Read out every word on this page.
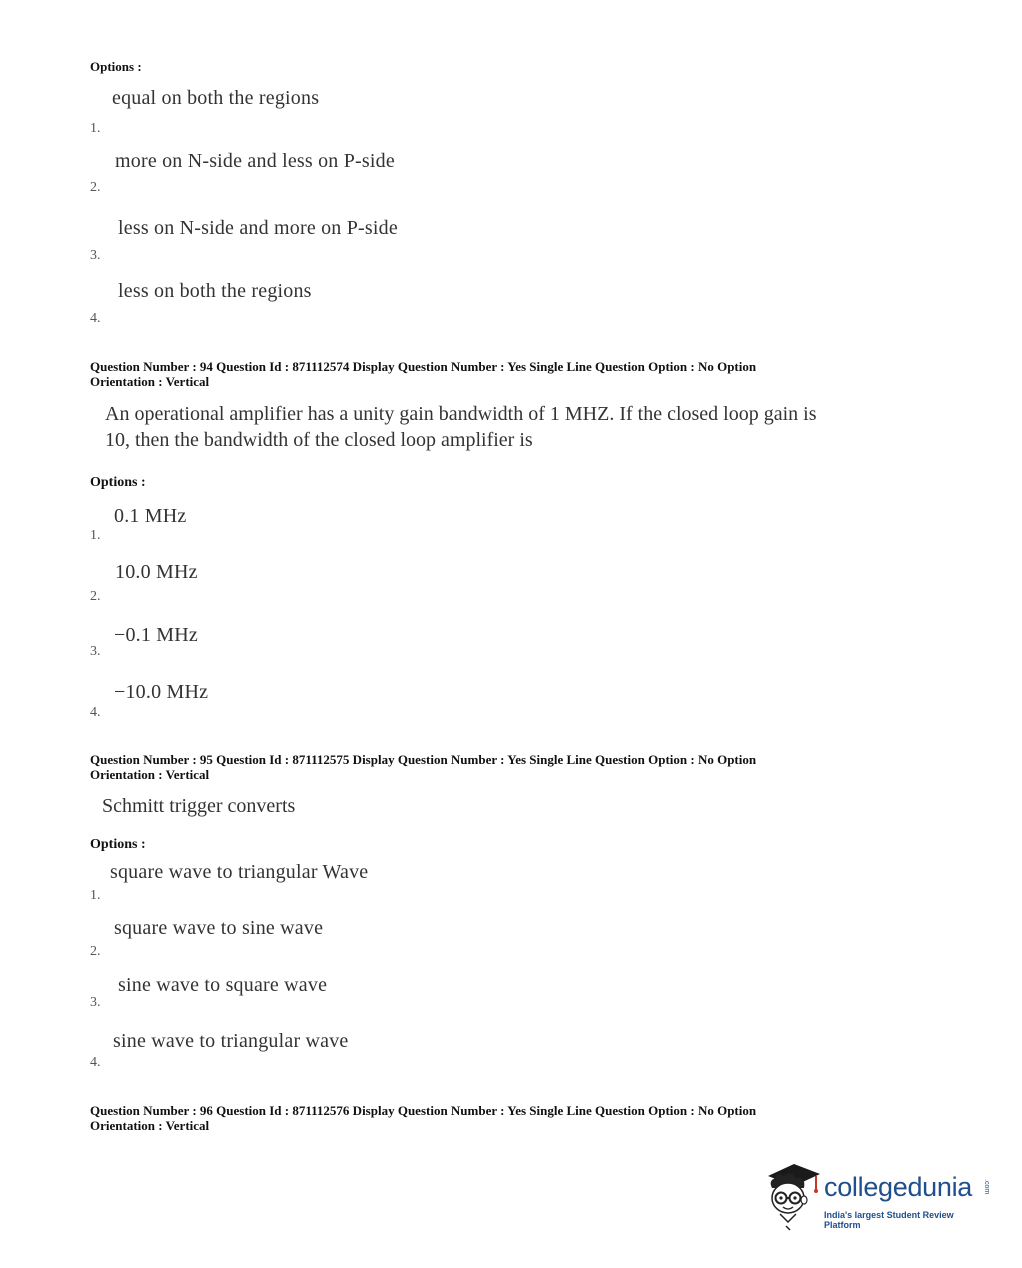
Options :
equal on both the regions
1.
more on N-side and less on P-side
2.
less on N-side and more on P-side
3.
less on both the regions
4.
Question Number : 94 Question Id : 871112574 Display Question Number : Yes Single Line Question Option : No Option
Orientation : Vertical
An operational amplifier has a unity gain bandwidth of 1 MHZ. If the closed loop gain is
10, then the bandwidth of the closed loop amplifier is
Options :
0.1 MHz
1.
10.0 MHz
2.
−0.1 MHz
3.
−10.0 MHz
4.
Question Number : 95 Question Id : 871112575 Display Question Number : Yes Single Line Question Option : No Option
Orientation : Vertical
Schmitt trigger converts
Options :
square wave to triangular Wave
1.
square wave to sine wave
2.
sine wave to square wave
3.
sine wave to triangular wave
4.
Question Number : 96 Question Id : 871112576 Display Question Number : Yes Single Line Question Option : No Option
Orientation : Vertical
collegedunia .com
India's largest Student Review Platform
